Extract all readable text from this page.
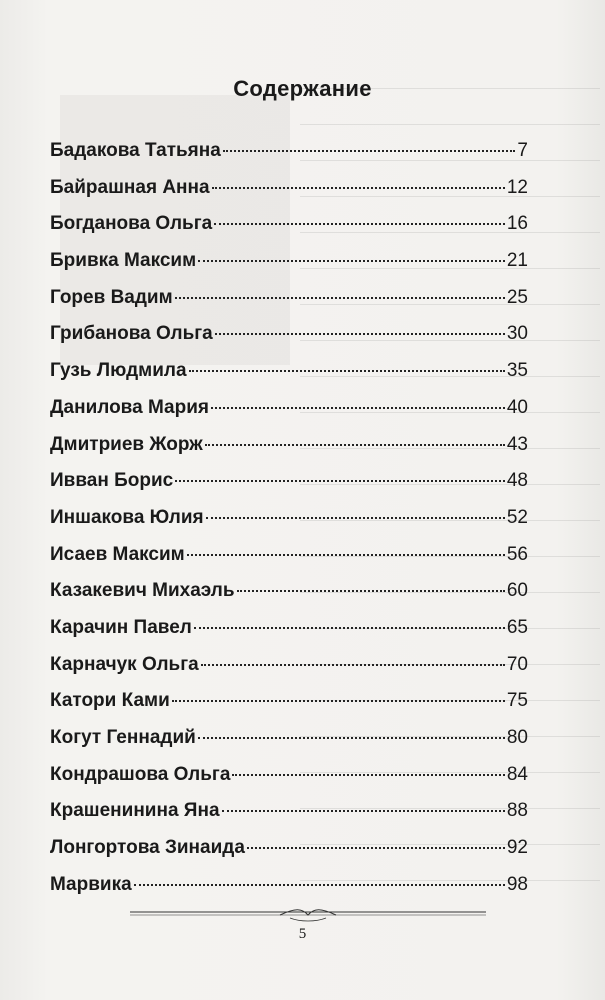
Содержание
Бадакова Татьяна	7
Байрашная Анна	12
Богданова Ольга	16
Бривка Максим	21
Горев Вадим	25
Грибанова Ольга	30
Гузь Людмила	35
Данилова Мария	40
Дмитриев Жорж	43
Ивван Борис	48
Иншакова Юлия	52
Исаев Максим	56
Казакевич Михаэль	60
Карачин Павел	65
Карначук Ольга	70
Катори Ками	75
Когут Геннадий	80
Кондрашова Ольга	84
Крашенинина Яна	88
Лонгортова Зинаида	92
Марвика	98
5
